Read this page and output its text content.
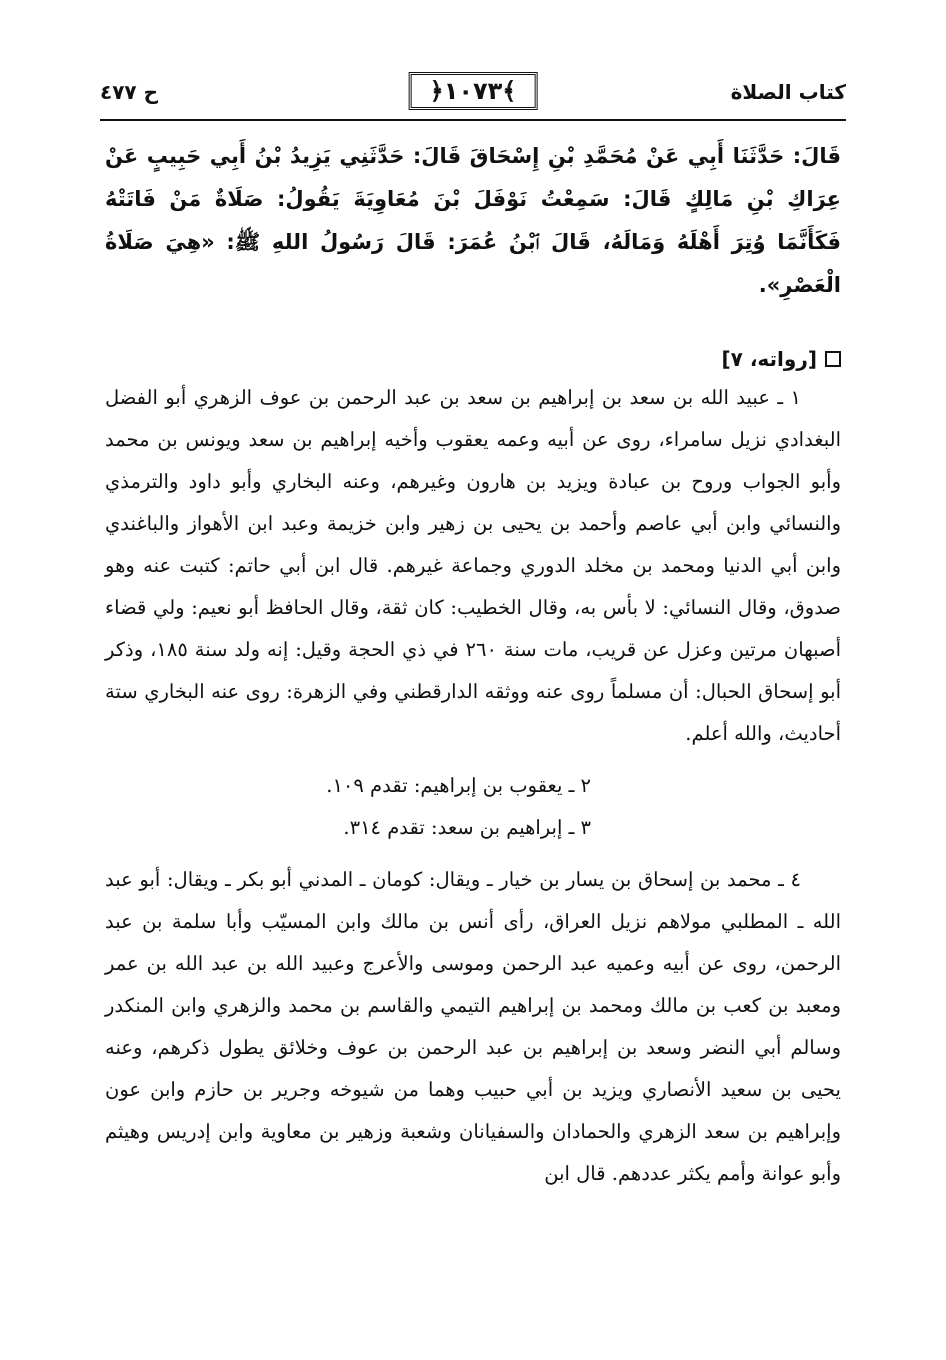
كتاب الصلاة
﴿١٠٧٣﴾
ح ٤٧٧

قَالَ: حَدَّثَنَا أَبِي عَنْ مُحَمَّدِ بْنِ إِسْحَاقَ قَالَ: حَدَّثَنِي يَزِيدُ بْنُ أَبِي حَبِيبٍ عَنْ عِرَاكِ بْنِ مَالِكٍ قَالَ: سَمِعْتُ نَوْفَلَ بْنَ مُعَاوِيَةَ يَقُولُ: صَلَاةٌ مَنْ فَاتَتْهُ فَكَأَنَّمَا وُتِرَ أَهْلَهُ وَمَالَهُ، قَالَ ٱبْنُ عُمَرَ: قَالَ رَسُولُ اللهِ ﷺ: «هِيَ صَلَاةُ الْعَصْرِ».

[رواته، ٧]

١ ـ عبيد الله بن سعد بن إبراهيم بن سعد بن عبد الرحمن بن عوف الزهري أبو الفضل البغدادي نزيل سامراء، روى عن أبيه وعمه يعقوب وأخيه إبراهيم بن سعد ويونس بن محمد وأبو الجواب وروح بن عبادة ويزيد بن هارون وغيرهم، وعنه البخاري وأبو داود والترمذي والنسائي وابن أبي عاصم وأحمد بن يحيى بن زهير وابن خزيمة وعبد ابن الأهواز والباغندي وابن أبي الدنيا ومحمد بن مخلد الدوري وجماعة غيرهم. قال ابن أبي حاتم: كتبت عنه وهو صدوق، وقال النسائي: لا بأس به، وقال الخطيب: كان ثقة، وقال الحافظ أبو نعيم: ولي قضاء أصبهان مرتين وعزل عن قريب، مات سنة ٢٦٠ في ذي الحجة وقيل: إنه ولد سنة ١٨٥، وذكر أبو إسحاق الحبال: أن مسلماً روى عنه ووثقه الدارقطني وفي الزهرة: روى عنه البخاري ستة أحاديث، والله أعلم.

٢ ـ يعقوب بن إبراهيم: تقدم ١٠٩.

٣ ـ إبراهيم بن سعد: تقدم ٣١٤.

٤ ـ محمد بن إسحاق بن يسار بن خيار ـ ويقال: كومان ـ المدني أبو بكر ـ ويقال: أبو عبد الله ـ المطلبي مولاهم نزيل العراق، رأى أنس بن مالك وابن المسيّب وأبا سلمة بن عبد الرحمن، روى عن أبيه وعميه عبد الرحمن وموسى والأعرج وعبيد الله بن عبد الله بن عمر ومعبد بن كعب بن مالك ومحمد بن إبراهيم التيمي والقاسم بن محمد والزهري وابن المنكدر وسالم أبي النضر وسعد بن إبراهيم بن عبد الرحمن بن عوف وخلائق يطول ذكرهم، وعنه يحيى بن سعيد الأنصاري ويزيد بن أبي حبيب وهما من شيوخه وجرير بن حازم وابن عون وإبراهيم بن سعد الزهري والحمادان والسفيانان وشعبة وزهير بن معاوية وابن إدريس وهيثم وأبو عوانة وأمم يكثر عددهم. قال ابن
